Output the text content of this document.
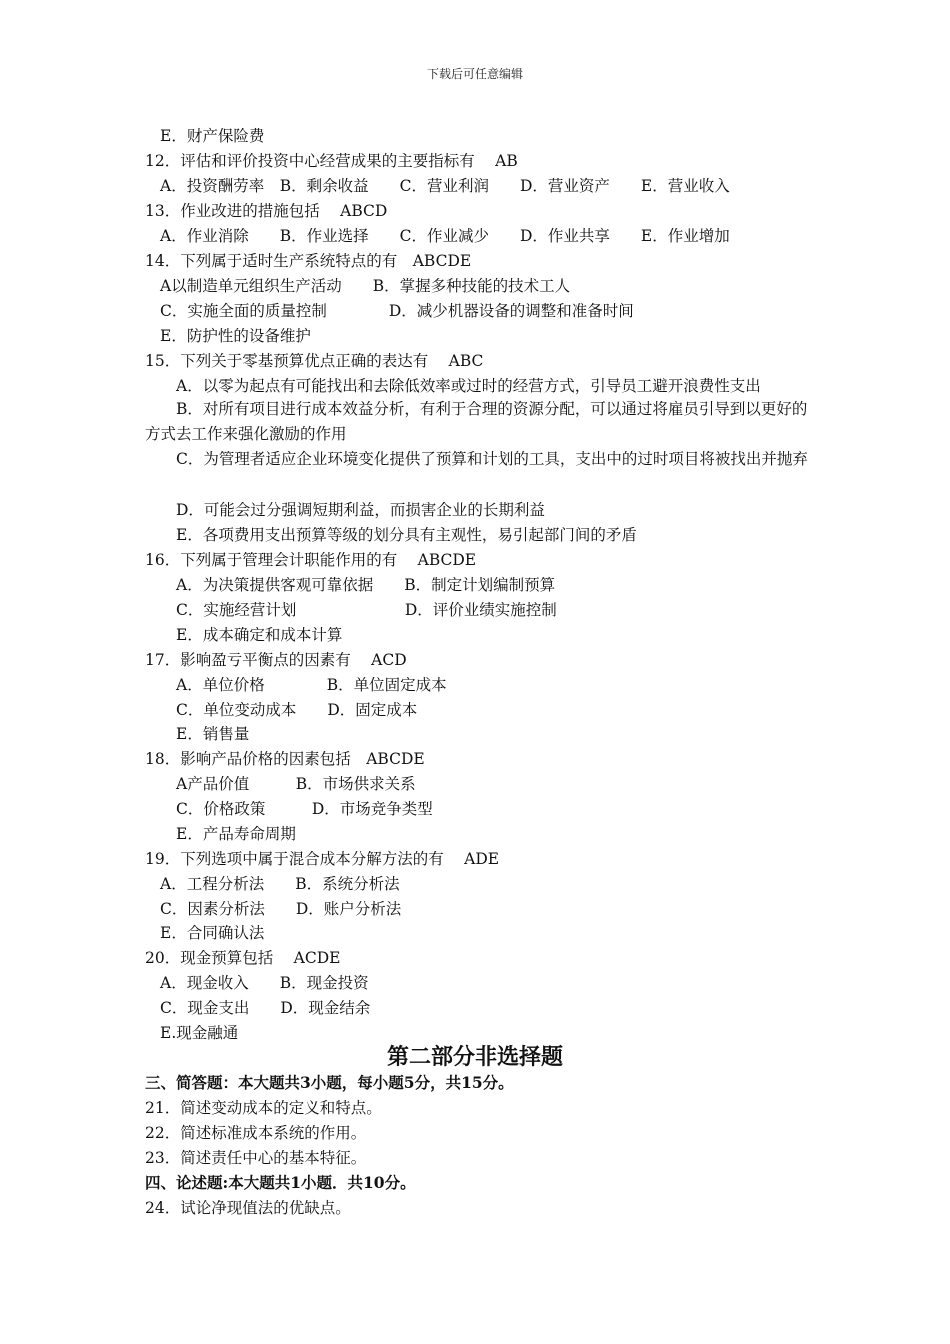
下载后可任意编辑

E．财产保险费

12．评估和评价投资中心经营成果的主要指标有　 AB

A．投资酬劳率　B．剩余收益　　C．营业利润　　D．营业资产　　E．营业收入

13．作业改进的措施包括　 ABCD

A．作业消除　　B．作业选择　　C．作业减少　　D．作业共享　　E．作业增加

14．下列属于适时生产系统特点的有　ABCDE

A以制造单元组织生产活动　　B．掌握多种技能的技术工人

C．实施全面的质量控制　　　　D．减少机器设备的调整和准备时间

E．防护性的设备维护

15．下列关于零基预算优点正确的表达有　 ABC

A．以零为起点有可能找出和去除低效率或过时的经营方式，引导员工避开浪费性支出

B．对所有项目进行成本效益分析，有利于合理的资源分配，可以通过将雇员引导到以更好的方式去工作来强化激励的作用

C．为管理者适应企业环境变化提供了预算和计划的工具，支出中的过时项目将被找出并抛弃

D．可能会过分强调短期利益，而损害企业的长期利益

E．各项费用支出预算等级的划分具有主观性，易引起部门间的矛盾

16．下列属于管理会计职能作用的有　 ABCDE

A．为决策提供客观可靠依据　　B．制定计划编制预算

C．实施经营计划　　　　　　　D．评价业绩实施控制

E．成本确定和成本计算

17．影响盈亏平衡点的因素有　 ACD

A．单位价格　　　　B．单位固定成本

C．单位变动成本　　D．固定成本

E．销售量

18．影响产品价格的因素包括　ABCDE

A产品价值　　　B．市场供求关系

C．价格政策　　　D．市场竞争类型

E．产品寿命周期

19．下列选项中属于混合成本分解方法的有　 ADE

A．工程分析法　　B．系统分析法

C．因素分析法　　D．账户分析法

E．合同确认法

20．现金预算包括　 ACDE

A．现金收入　　B．现金投资

C．现金支出　　D．现金结余

E.现金融通

第二部分非选择题

三、简答题：本大题共3小题，每小题5分，共15分。

21．简述变动成本的定义和特点。

22．简述标准成本系统的作用。

23．简述责任中心的基本特征。

四、论述题:本大题共1小题．共10分。

24．试论净现值法的优缺点。
